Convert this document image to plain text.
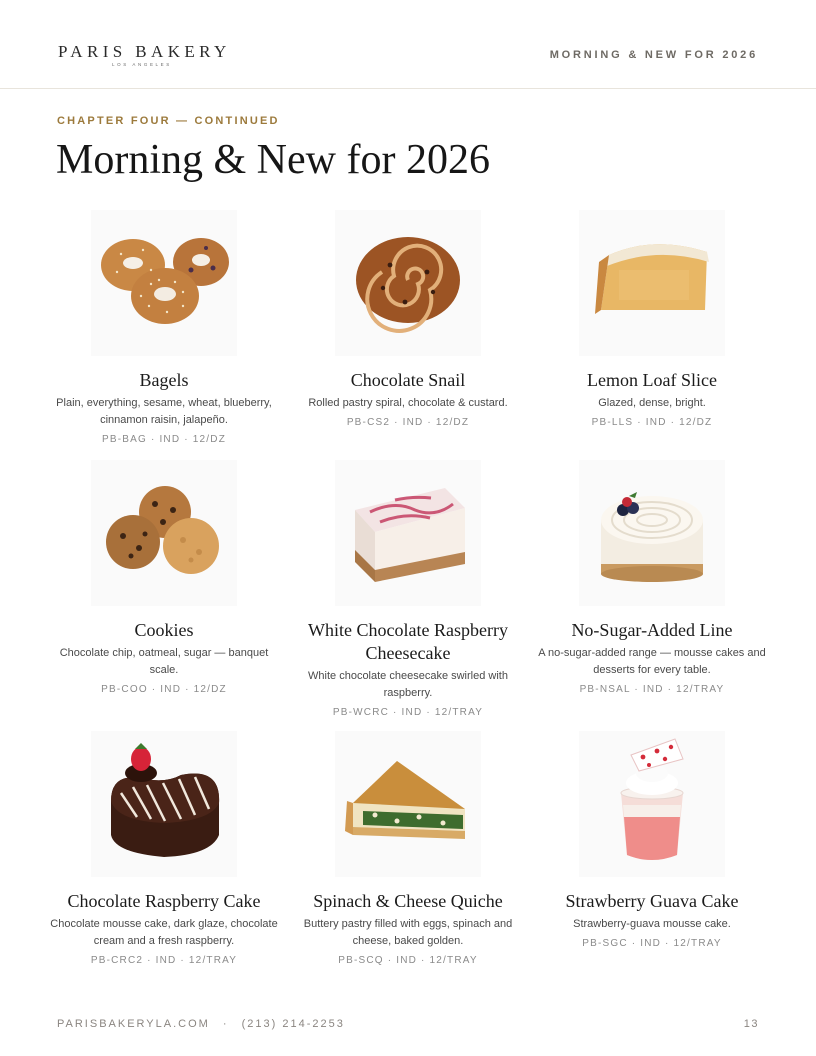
PARIS BAKERY
LOS ANGELES
MORNING & NEW FOR 2026
CHAPTER FOUR — CONTINUED
Morning & New for 2026
Bagels
Plain, everything, sesame, wheat, blueberry, cinnamon raisin, jalapeño.
PB-BAG · IND · 12/DZ
Chocolate Snail
Rolled pastry spiral, chocolate & custard.
PB-CS2 · IND · 12/DZ
Lemon Loaf Slice
Glazed, dense, bright.
PB-LLS · IND · 12/DZ
Cookies
Chocolate chip, oatmeal, sugar — banquet scale.
PB-COO · IND · 12/DZ
White Chocolate Raspberry Cheesecake
White chocolate cheesecake swirled with raspberry.
PB-WCRC · IND · 12/TRAY
No-Sugar-Added Line
A no-sugar-added range — mousse cakes and desserts for every table.
PB-NSAL · IND · 12/TRAY
Chocolate Raspberry Cake
Chocolate mousse cake, dark glaze, chocolate cream and a fresh raspberry.
PB-CRC2 · IND · 12/TRAY
Spinach & Cheese Quiche
Buttery pastry filled with eggs, spinach and cheese, baked golden.
PB-SCQ · IND · 12/TRAY
Strawberry Guava Cake
Strawberry-guava mousse cake.
PB-SGC · IND · 12/TRAY
PARISBAKERYLA.COM · (213) 214-2253	13
